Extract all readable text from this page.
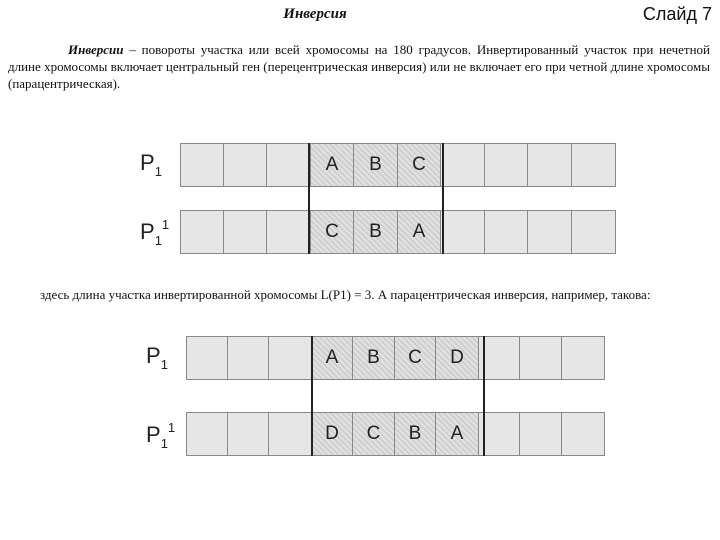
Инверсия	Слайд 7
Инверсии – повороты участка или всей хромосомы на 180 градусов. Инвертированный участок при нечетной длине хромосомы включает центральный ген (перецентрическая инверсия) или не включает его при четной длине хромосомы (парацентрическая).
$P_1$	A	B	C
$P_1^1$	C	B	A
здесь длина участка инвертированной хромосомы L(P1) = 3. А парацентрическая инверсия, например, такова:
$P_1$	A	B	C	D
$P_1^1$	D	C	B	A
